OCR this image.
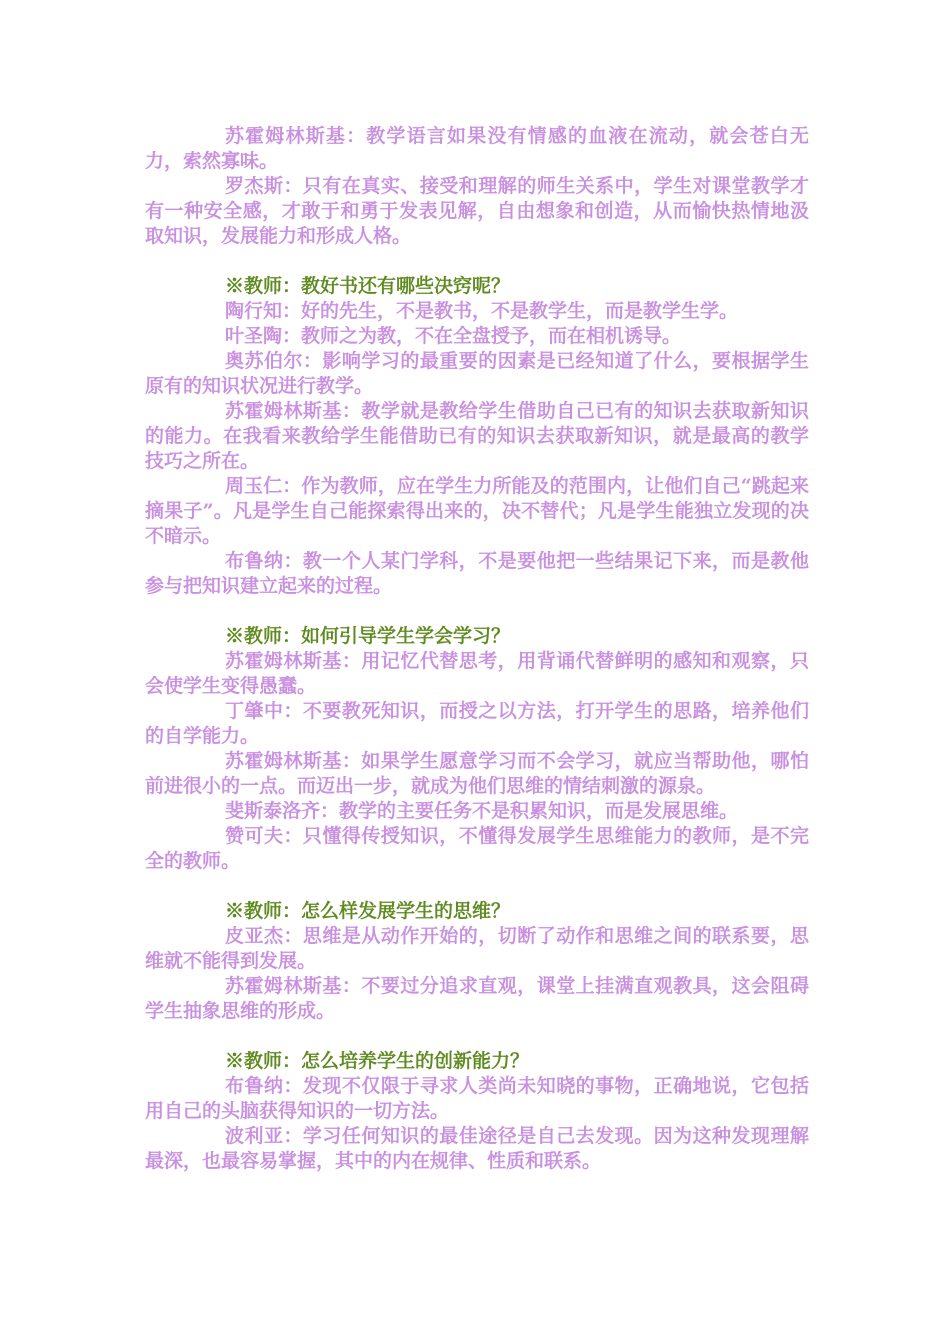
苏霍姆林斯基：教学语言如果没有情感的血液在流动，就会苍白无力，索然寡味。

罗杰斯：只有在真实、接受和理解的师生关系中，学生对课堂教学才有一种安全感，才敢于和勇于发表见解，自由想象和创造，从而愉快热情地汲取知识，发展能力和形成人格。

※教师：教好书还有哪些决窍呢？

陶行知：好的先生，不是教书，不是教学生，而是教学生学。

叶圣陶：教师之为教，不在全盘授予，而在相机诱导。

奥苏伯尔：影响学习的最重要的因素是已经知道了什么，要根据学生原有的知识状况进行教学。

苏霍姆林斯基：教学就是教给学生借助自己已有的知识去获取新知识的能力。在我看来教给学生能借助已有的知识去获取新知识，就是最高的教学技巧之所在。

周玉仁：作为教师，应在学生力所能及的范围内，让他们自己“跳起来摘果子”。凡是学生自己能探索得出来的，决不替代；凡是学生能独立发现的决不暗示。

布鲁纳：教一个人某门学科，不是要他把一些结果记下来，而是教他参与把知识建立起来的过程。

※教师：如何引导学生学会学习？

苏霍姆林斯基：用记忆代替思考，用背诵代替鲜明的感知和观察，只会使学生变得愚蠢。

丁肇中：不要教死知识，而授之以方法，打开学生的思路，培养他们的自学能力。

苏霍姆林斯基：如果学生愿意学习而不会学习，就应当帮助他，哪怕前进很小的一点。而迈出一步，就成为他们思维的情结刺激的源泉。

斐斯泰洛齐：教学的主要任务不是积累知识，而是发展思维。

赞可夫：只懂得传授知识，不懂得发展学生思维能力的教师，是不完全的教师。

※教师：怎么样发展学生的思维？

皮亚杰：思维是从动作开始的，切断了动作和思维之间的联系要，思维就不能得到发展。

苏霍姆林斯基：不要过分追求直观，课堂上挂满直观教具，这会阻碍学生抽象思维的形成。

※教师：怎么培养学生的创新能力？

布鲁纳：发现不仅限于寻求人类尚未知晓的事物，正确地说，它包括用自己的头脑获得知识的一切方法。

波利亚：学习任何知识的最佳途径是自己去发现。因为这种发现理解最深，也最容易掌握，其中的内在规律、性质和联系。
